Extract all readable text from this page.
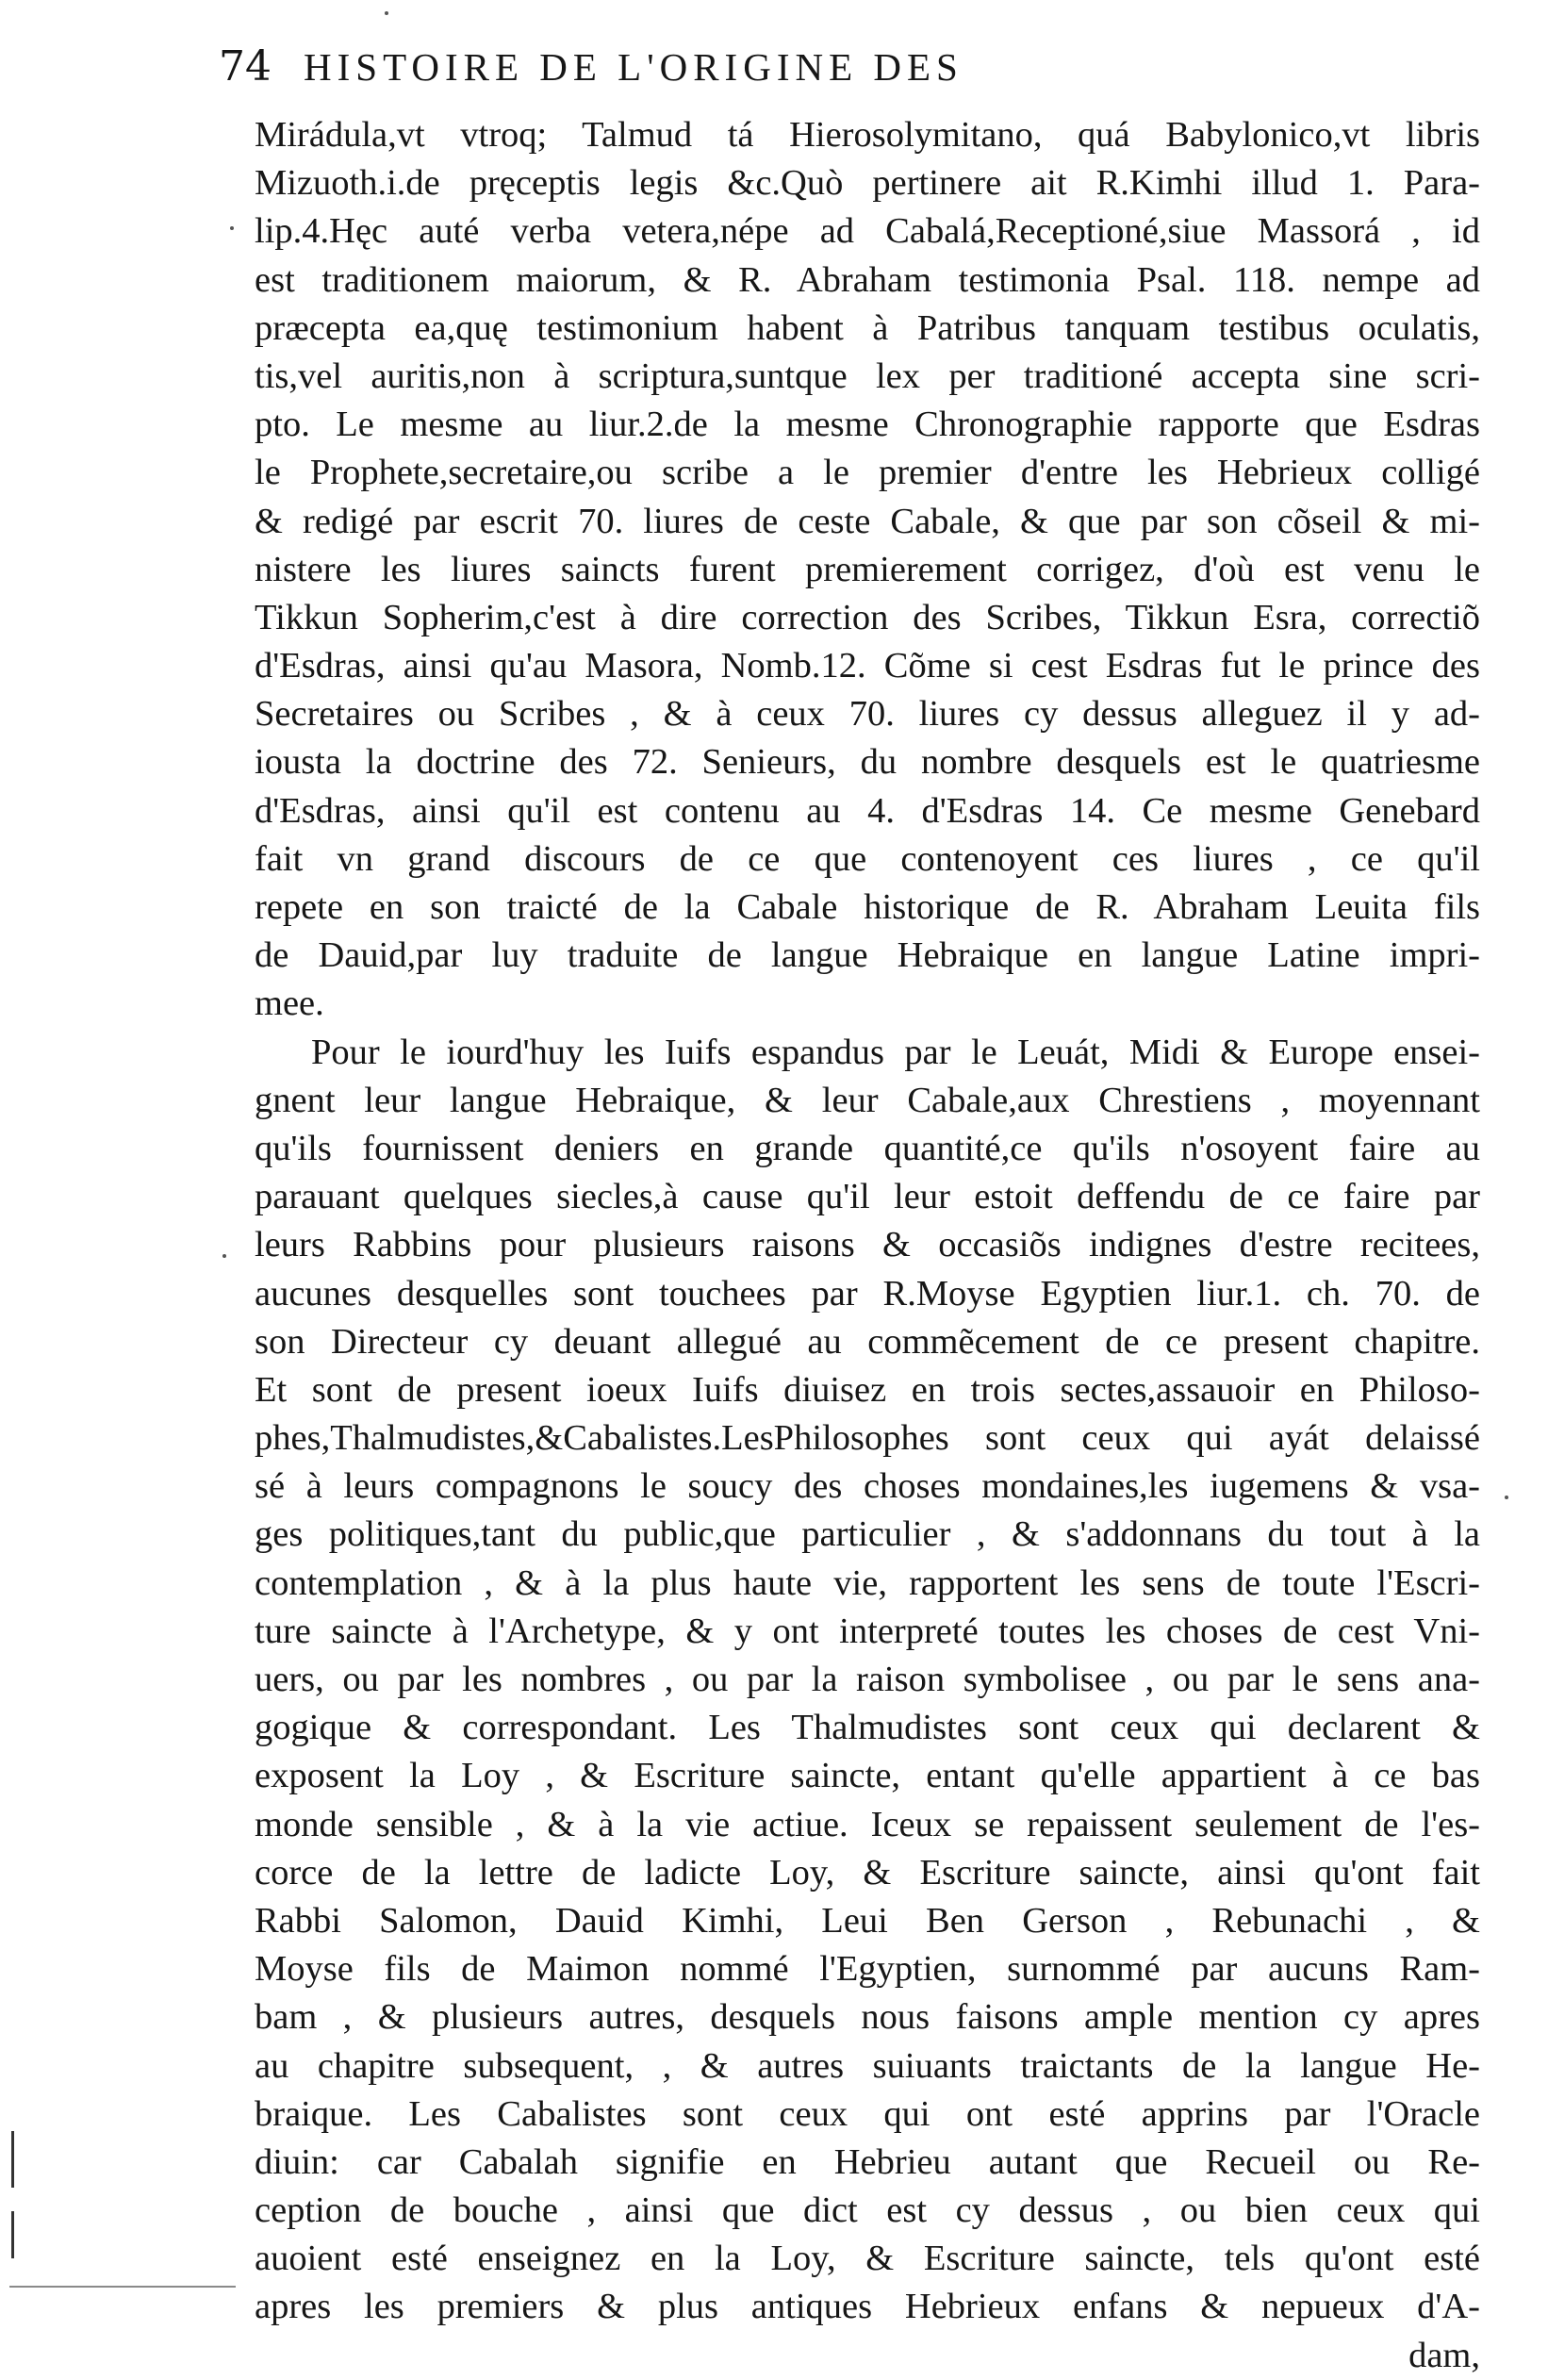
74 HISTOIRE DE L'ORIGINE DES
Mirádula,vt vtroq; Talmud tá Hierosolymitano, quá Babylonico,vt libris
Mizuoth.i.de pręceptis legis &c.Quò pertinere ait R.Kimhi illud 1. Para-
lip.4.Hęc auté verba vetera,népe ad Cabalá,Receptioné,siue Massorá , id
est traditionem maiorum, & R. Abraham testimonia Psal. 118. nempe ad
præcepta ea,quę testimonium habent à Patribus tanquam testibus oculatis,
tis,vel auritis,non à scriptura,suntque lex per traditioné accepta sine scri-
pto. Le mesme au liur.2.de la mesme Chronographie rapporte que Esdras
le Prophete,secretaire,ou scribe a le premier d'entre les Hebrieux colligé
& redigé par escrit 70. liures de ceste Cabale, & que par son cõseil & mi-
nistere les liures saincts furent premierement corrigez, d'où est venu le
Tikkun Sopherim,c'est à dire correction des Scribes, Tikkun Esra, correctiõ
d'Esdras, ainsi qu'au Masora, Nomb.12. Cõme si cest Esdras fut le prince des
Secretaires ou Scribes , & à ceux 70. liures cy dessus alleguez il y ad-
iousta la doctrine des 72. Senieurs, du nombre desquels est le quatriesme
d'Esdras, ainsi qu'il est contenu au 4. d'Esdras 14. Ce mesme Genebard
fait vn grand discours de ce que contenoyent ces liures , ce qu'il
repete en son traicté de la Cabale historique de R. Abraham Leuita fils
de Dauid,par luy traduite de langue Hebraique en langue Latine impri-
mee.
Pour le iourd'huy les Iuifs espandus par le Leuát, Midi & Europe ensei-
gnent leur langue Hebraique, & leur Cabale,aux Chrestiens , moyennant
qu'ils fournissent deniers en grande quantité,ce qu'ils n'osoyent faire au
parauant quelques siecles,à cause qu'il leur estoit deffendu de ce faire par
leurs Rabbins pour plusieurs raisons & occasiõs indignes d'estre recitees,
aucunes desquelles sont touchees par R.Moyse Egyptien liur.1. ch. 70. de
son Directeur cy deuant allegué au commẽcement de ce present chapitre.
Et sont de present ioeux Iuifs diuisez en trois sectes,assauoir en Philoso-
phes,Thalmudistes,&Cabalistes.LesPhilosophes sont ceux qui ayát delaissé
sé à leurs compagnons le soucy des choses mondaines,les iugemens & vsa-
ges politiques,tant du public,que particulier , & s'addonnans du tout à la
contemplation , & à la plus haute vie, rapportent les sens de toute l'Escri-
ture saincte à l'Archetype, & y ont interpreté toutes les choses de cest Vni-
uers, ou par les nombres , ou par la raison symbolisee , ou par le sens ana-
gogique & correspondant. Les Thalmudistes sont ceux qui declarent &
exposent la Loy , & Escriture saincte, entant qu'elle appartient à ce bas
monde sensible , & à la vie actiue. Iceux se repaissent seulement de l'es-
corce de la lettre de ladicte Loy, & Escriture saincte, ainsi qu'ont fait
Rabbi Salomon, Dauid Kimhi, Leui Ben Gerson , Rebunachi , &
Moyse fils de Maimon nommé l'Egyptien, surnommé par aucuns Ram-
bam , & plusieurs autres, desquels nous faisons ample mention cy apres
au chapitre subsequent, , & autres suiuants traictants de la langue He-
braique. Les Cabalistes sont ceux qui ont esté apprins par l'Oracle
diuin: car Cabalah signifie en Hebrieu autant que Recueil ou Re-
ception de bouche , ainsi que dict est cy dessus , ou bien ceux qui
auoient esté enseignez en la Loy, & Escriture saincte, tels qu'ont esté
apres les premiers & plus antiques Hebrieux enfans & nepueux d'A-
dam,
